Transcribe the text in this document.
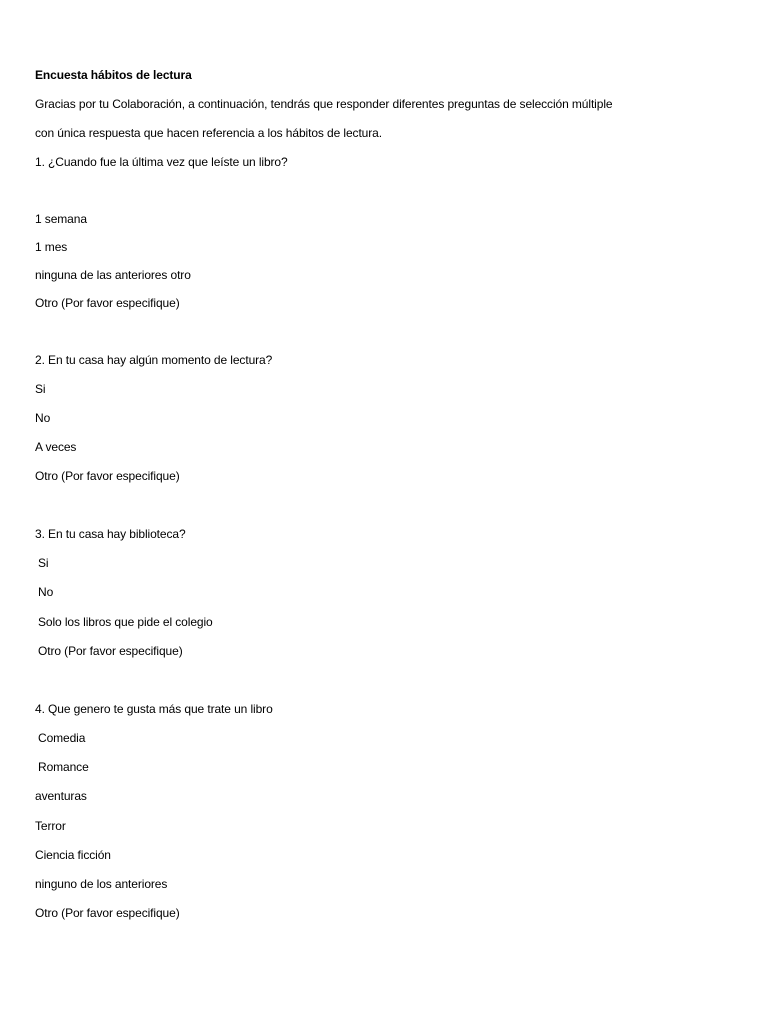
Encuesta hábitos de lectura
Gracias por tu Colaboración, a continuación, tendrás que responder diferentes preguntas de selección múltiple
con única respuesta que hacen referencia a los hábitos de lectura.
1. ¿Cuando fue la última vez que leíste un libro?
1 semana
1 mes
ninguna de las anteriores otro
Otro (Por favor especifique)
2. En tu casa hay algún momento de lectura?
Si
No
A veces
Otro (Por favor especifique)
3. En tu casa hay biblioteca?
Si
No
Solo los libros que pide el colegio
Otro (Por favor especifique)
4. Que genero te gusta más que trate un libro
Comedia
Romance
aventuras
Terror
Ciencia ficción
ninguno de los anteriores
Otro (Por favor especifique)
